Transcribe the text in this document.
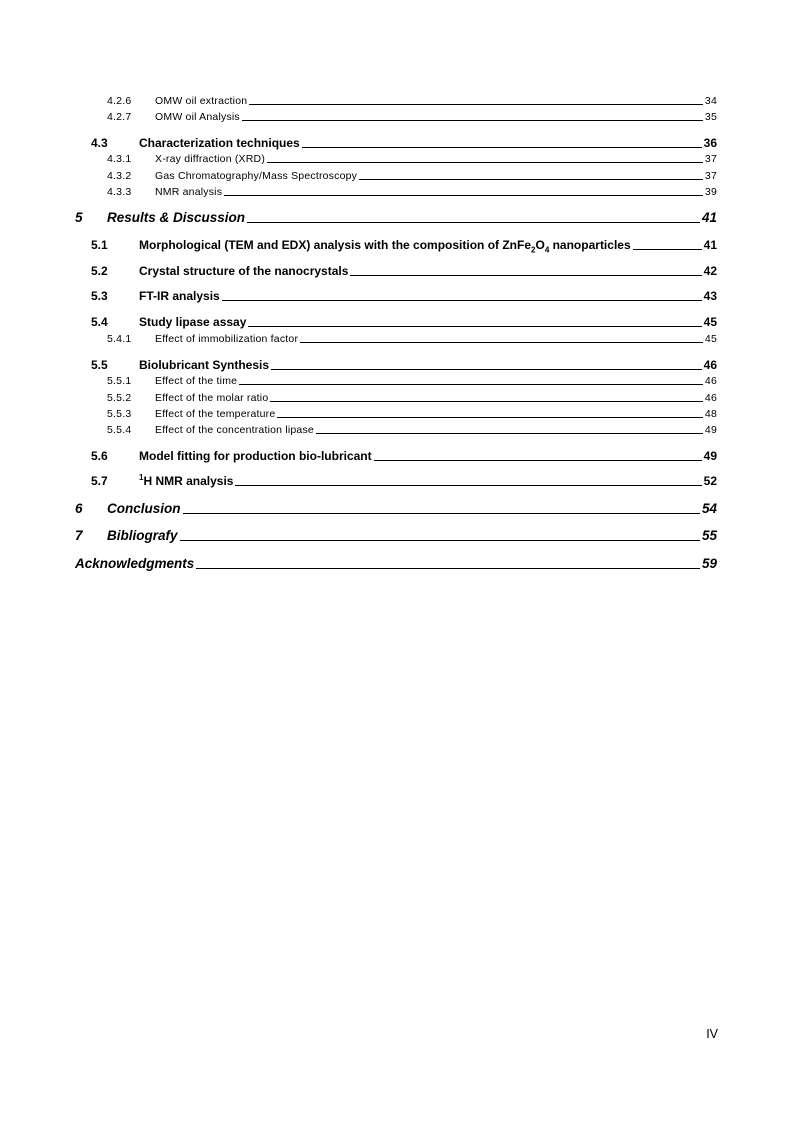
4.2.6	OMW oil extraction	34
4.2.7	OMW oil Analysis	35
4.3	Characterization techniques	36
4.3.1	X-ray diffraction (XRD)	37
4.3.2	Gas Chromatography/Mass Spectroscopy	37
4.3.3	NMR analysis	39
5	Results & Discussion	41
5.1	Morphological (TEM and EDX) analysis with the composition of $ZnFe_2O_4$ nanoparticles	41
5.2	Crystal structure of the nanocrystals	42
5.3	FT-IR analysis	43
5.4	Study lipase assay	45
5.4.1	Effect of immobilization factor	45
5.5	Biolubricant Synthesis	46
5.5.1	Effect of the time	46
5.5.2	Effect of the molar ratio	46
5.5.3	Effect of the temperature	48
5.5.4	Effect of the concentration lipase	49
5.6	Model fitting for production bio-lubricant	49
5.7	$^1$H NMR analysis	52
6	Conclusion	54
7	Bibliografy	55
Acknowledgments	59
IV
